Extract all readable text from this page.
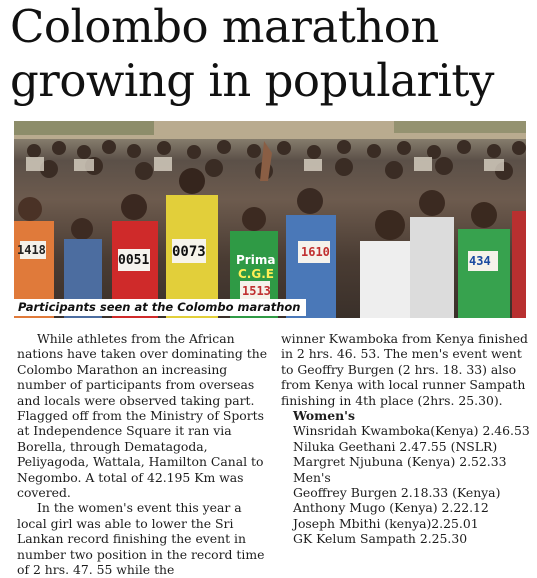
Colombo marathon
growing in popularity
1418
0051
0073	1610
434
1513
Prima
C.G.E
Participants seen at the Colombo marathon

While athletes from the African nations have taken over dominating the Colombo Marathon an increasing number of participants from overseas and locals were observed taking part. Flagged off from the Ministry of Sports at Independence Square it ran via Borella, through Dematagoda, Peliyagoda, Wattala, Hamilton Canal to Negombo. A total of 42.195 Km was covered.

In the women's event this year a local girl was able to lower the Sri Lankan record finishing the event in number two position in the record time of 2 hrs. 47. 55 while the

winner Kwamboka from Kenya finished in 2 hrs. 46. 53. The men's event went to Geoffry Burgen (2 hrs. 18. 33) also from Kenya with local runner Sampath finishing in 4th place (2hrs. 25.30).

Women's
Winsridah Kwamboka(Kenya) 2.46.53
Niluka Geethani 2.47.55 (NSLR)
Margret Njubuna (Kenya) 2.52.33
Men's
Geoffrey Burgen 2.18.33 (Kenya)
Anthony Mugo (Kenya) 2.22.12
Joseph Mbithi (kenya)2.25.01
GK Kelum Sampath 2.25.30
